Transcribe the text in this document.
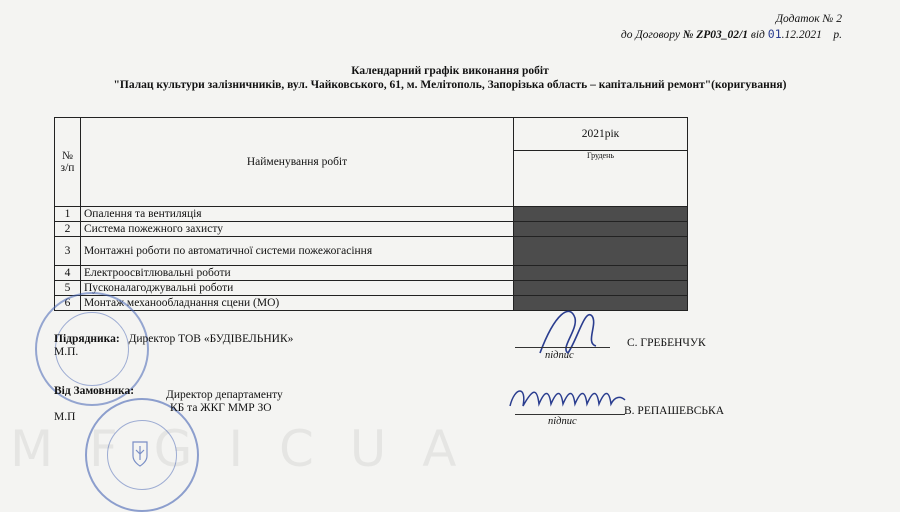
M F G I C U A
Додаток № 2
до Договору № ZP03_02/1 від 01.12.2021 р.
Календарний графік виконання робіт
"Палац культури залізничників, вул. Чайковського, 61, м. Мелітополь, Запорізька область – капітальний ремонт"(коригування)
№ з/п	Найменування робіт	2021рік
		Грудень
1	Опалення та вентиляція	
2	Система пожежного захисту	
3	Монтажні роботи по автоматичної системи пожежогасіння	
4	Електроосвітлювальні роботи	
5	Пусконалагоджувальні роботи	
6	Монтаж механообладнання сцени (МО)	
Підрядника: Директор ТОВ «БУДІВЕЛЬНИК»
М.П.	підпис
С. ГРЕБЕНЧУК
Від Замовника:	Директор департаменту
КБ та ЖКГ ММР ЗО
М.П	підпис
В. РЕПАШЕВСЬКА
